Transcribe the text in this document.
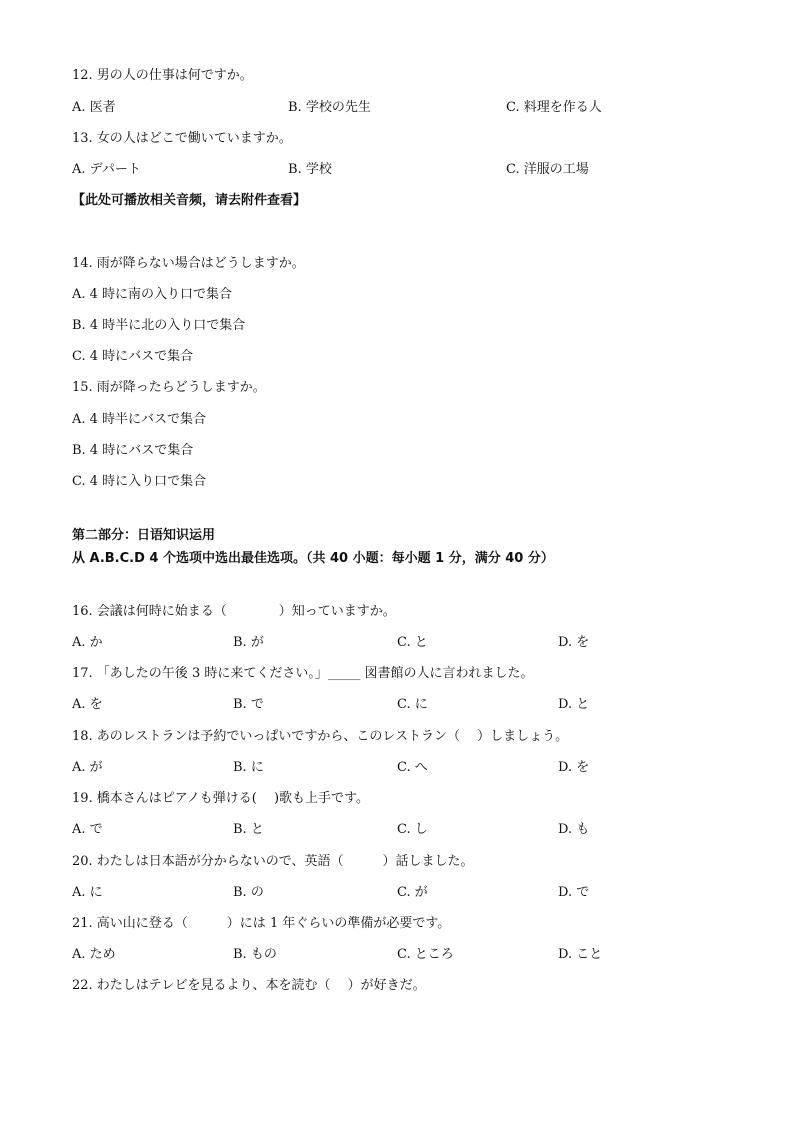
12. 男の人の仕事は何ですか。
A. 医者	B. 学校の先生	C. 料理を作る人
13. 女の人はどこで働いていますか。
A. デパート	B. 学校	C. 洋服の工場
【此处可播放相关音频，请去附件查看】
14. 雨が降らない場合はどうしますか。
A. 4 時に南の入り口で集合
B. 4 時半に北の入り口で集合
C. 4 時にバスで集合
15. 雨が降ったらどうしますか。
A. 4 時半にバスで集合
B. 4 時にバスで集合
C. 4 時に入り口で集合
第二部分：日语知识运用
从 A.B.C.D 4 个选项中选出最佳选项。（共 40 小题：每小题 1 分，满分 40 分）
16. 会議は何時に始まる（　　　　）知っていますか。
A. か	B. が	C. と	D. を
17. 「あしたの午後 3 時に来てください。」_____ 図書館の人に言われました。
A. を	B. で	C. に	D. と
18. あのレストランは予約でいっぱいですから、このレストラン（　 ）しましょう。
A. が	B. に	C. へ	D. を
19. 橋本さんはピアノも弾ける(　 )歌も上手です。
A. で	B. と	C. し	D. も
20. わたしは日本語が分からないので、英語（　　　）話しました。
A. に	B. の	C. が	D. で
21. 高い山に登る（　　　）には 1 年ぐらいの準備が必要です。
A. ため	B. もの	C. ところ	D. こと
22. わたしはテレビを見るより、本を読む（　 ）が好きだ。
